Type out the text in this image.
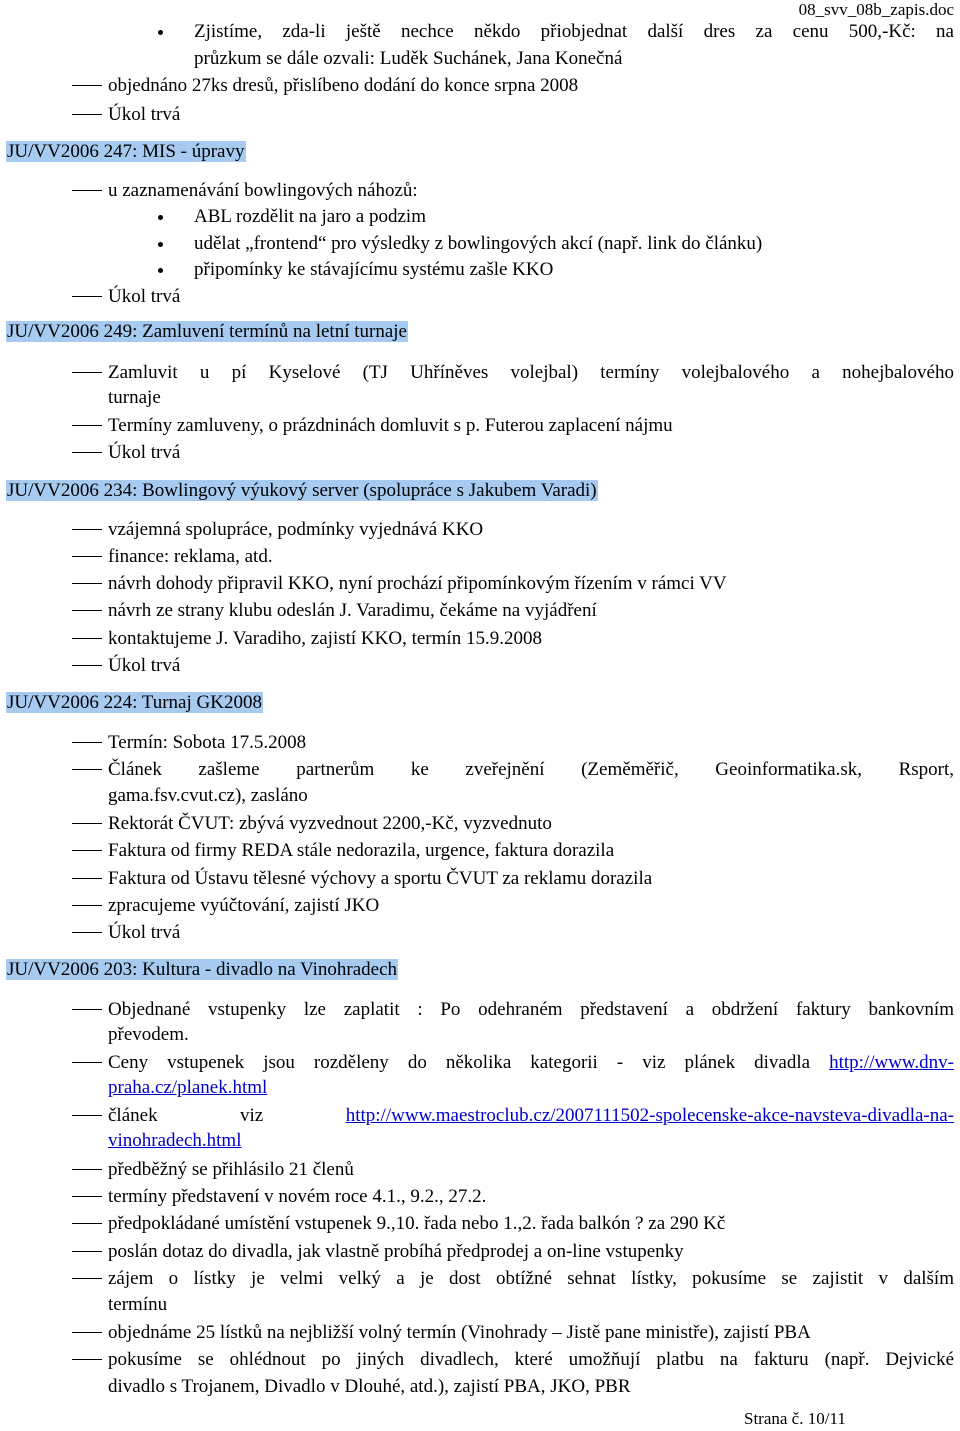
08_svv_08b_zapis.doc
Zjistíme, zda-li ještě nechce někdo přiobjednat další dres za cenu 500,-Kč: na
průzkum se dále ozvali: Luděk Suchánek, Jana Konečná
objednáno 27ks dresů, přislíbeno dodání do konce srpna 2008
Úkol trvá
JU/VV2006 247: MIS - úpravy
u zaznamenávání bowlingových náhozů:
ABL rozdělit na jaro a podzim
udělat „frontend“ pro výsledky z bowlingových akcí (např. link do článku)
připomínky ke stávajícímu systému zašle KKO
Úkol trvá
JU/VV2006 249: Zamluvení termínů na letní turnaje
Zamluvit u pí Kyselové (TJ Uhříněves volejbal) termíny volejbalového a nohejbalového
turnaje
Termíny zamluveny, o prázdninách domluvit s p. Futerou zaplacení nájmu
Úkol trvá
JU/VV2006 234: Bowlingový výukový server (spolupráce s Jakubem Varadi)
vzájemná spolupráce, podmínky vyjednává KKO
finance: reklama, atd.
návrh dohody připravil KKO, nyní prochází připomínkovým řízením v rámci VV
návrh ze strany klubu odeslán J. Varadimu, čekáme na vyjádření
kontaktujeme J. Varadiho, zajistí KKO, termín 15.9.2008
Úkol trvá
JU/VV2006 224: Turnaj GK2008
Termín: Sobota 17.5.2008
Článek zašleme partnerům ke zveřejnění (Zeměměřič, Geoinformatika.sk, Rsport,
gama.fsv.cvut.cz), zasláno
Rektorát ČVUT: zbývá vyzvednout 2200,-Kč, vyzvednuto
Faktura od firmy REDA stále nedorazila, urgence, faktura dorazila
Faktura od Ústavu tělesné výchovy a sportu ČVUT za reklamu dorazila
zpracujeme vyúčtování, zajistí JKO
Úkol trvá
JU/VV2006 203: Kultura - divadlo na Vinohradech
Objednané vstupenky lze zaplatit : Po odehraném představení a obdržení faktury bankovním
převodem.
Ceny vstupenek jsou rozděleny do několika kategorii - viz plánek divadla http://www.dnv-
praha.cz/planek.html
článek viz	http://www.maestroclub.cz/2007111502-spolecenske-akce-navsteva-divadla-na-
vinohradech.html
předběžný se přihlásilo 21 členů
termíny představení v novém roce 4.1., 9.2., 27.2.
předpokládané umístění vstupenek 9.,10. řada nebo 1.,2. řada balkón ? za 290 Kč
poslán dotaz do divadla, jak vlastně probíhá předprodej a on-line vstupenky
zájem o lístky je velmi velký a je dost obtížné sehnat lístky, pokusíme se zajistit v dalším
termínu
objednáme 25 lístků na nejbližší volný termín (Vinohrady – Jistě pane ministře), zajistí PBA
pokusíme se ohlédnout po jiných divadlech, které umožňují platbu na fakturu (např. Dejvické
divadlo s Trojanem, Divadlo v Dlouhé, atd.), zajistí PBA, JKO, PBR
Strana č. 10/11
